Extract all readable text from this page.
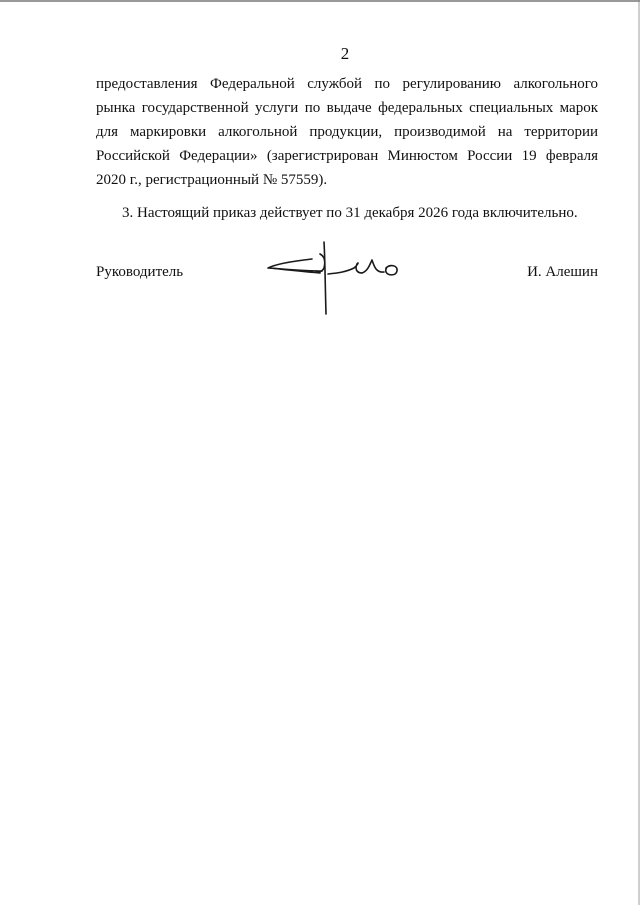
2

предоставления Федеральной службой по регулированию алкогольного
рынка государственной услуги по выдаче федеральных специальных марок
для маркировки алкогольной продукции, производимой на территории
Российской Федерации» (зарегистрирован Минюстом России 19 февраля
2020 г., регистрационный № 57559).

3. Настоящий приказ действует по 31 декабря 2026 года включительно.

Руководитель	И. Алешин
